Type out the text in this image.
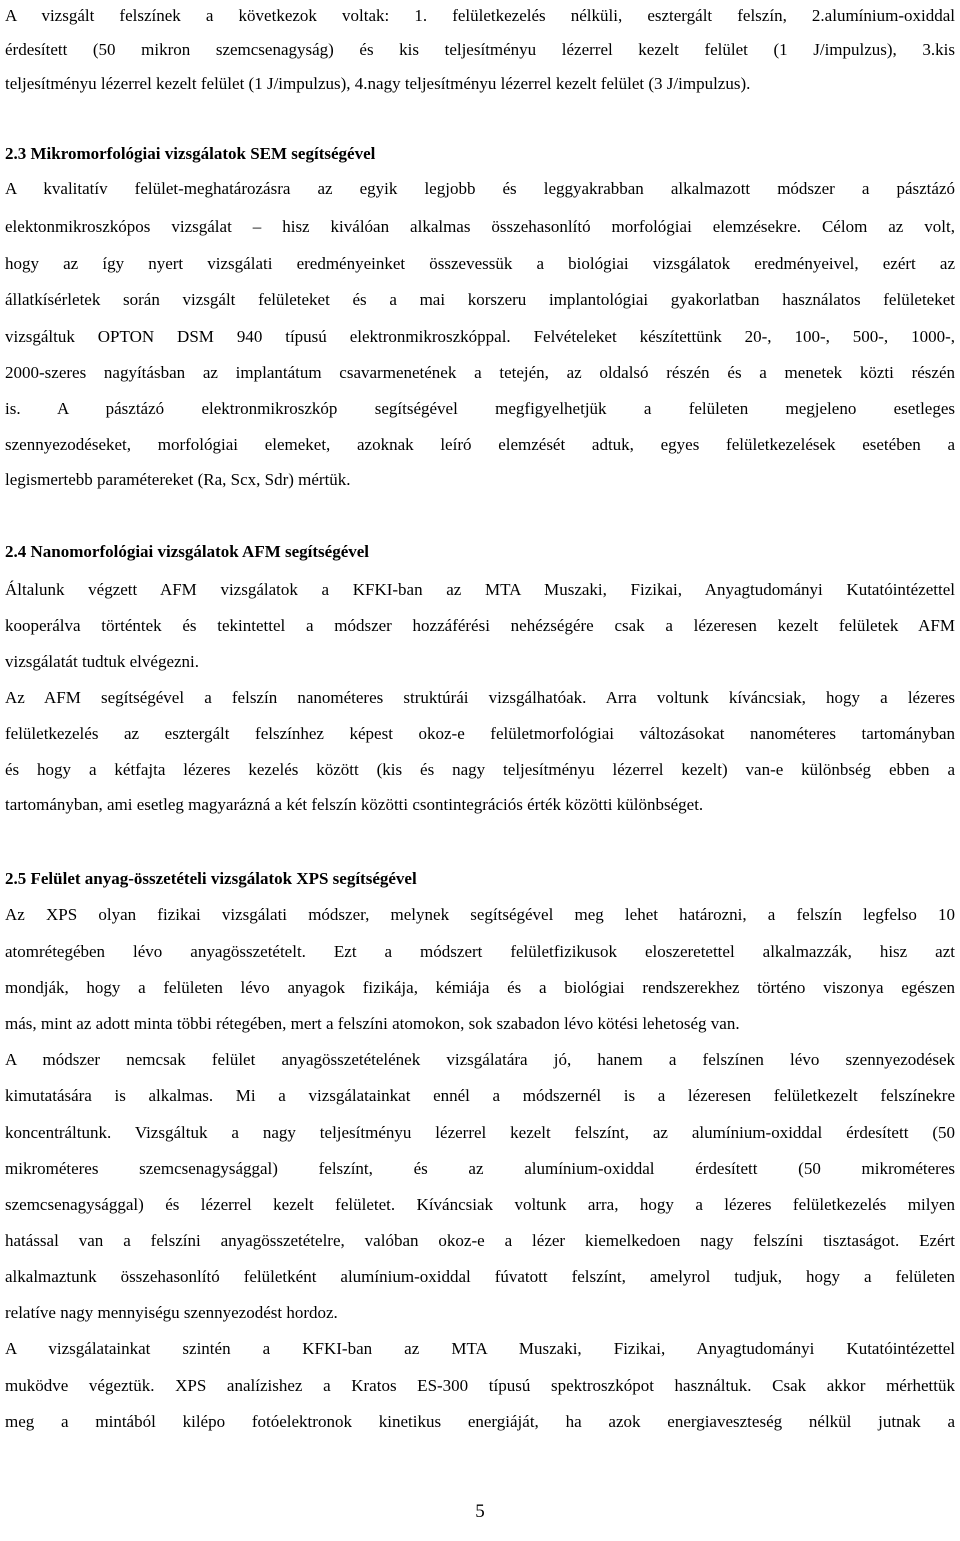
A vizsgált felszínek a következok voltak: 1. felületkezelés nélküli, esztergált felszín, 2.alumínium-oxiddal
érdesített (50 mikron szemcsenagyság) és kis teljesítményu lézerrel kezelt felület (1 J/impulzus), 3.kis
teljesítményu lézerrel kezelt felület (1 J/impulzus), 4.nagy teljesítményu lézerrel kezelt felület (3 J/impulzus).
2.3 Mikromorfológiai vizsgálatok SEM segítségével
A kvalitatív felület-meghatározásra az egyik legjobb és leggyakrabban alkalmazott módszer a pásztázó
elektonmikroszkópos vizsgálat – hisz kiválóan alkalmas összehasonlító morfológiai elemzésekre. Célom az volt,
hogy az így nyert vizsgálati eredményeinket összevessük a biológiai vizsgálatok eredményeivel, ezért az
állatkísérletek során vizsgált felületeket és a mai korszeru implantológiai gyakorlatban használatos felületeket
vizsgáltuk OPTON DSM 940 típusú elektronmikroszkóppal. Felvételeket készítettünk 20-, 100-, 500-, 1000-,
2000-szeres nagyításban az implantátum csavarmenetének a tetején, az oldalsó részén és a menetek közti részén
is. A pásztázó elektronmikroszkóp segítségével megfigyelhetjük a felületen megjeleno esetleges
szennyezodéseket, morfológiai elemeket, azoknak leíró elemzését adtuk, egyes felületkezelések esetében a
legismertebb paramétereket (Ra, Scx, Sdr) mértük.
2.4 Nanomorfológiai vizsgálatok AFM segítségével
Általunk végzett AFM vizsgálatok a KFKI-ban az MTA Muszaki, Fizikai, Anyagtudományi Kutatóintézettel
kooperálva történtek és tekintettel a módszer hozzáférési nehézségére csak a lézeresen kezelt felületek AFM
vizsgálatát tudtuk elvégezni.
Az AFM segítségével a felszín nanométeres struktúrái vizsgálhatóak. Arra voltunk kíváncsiak, hogy a lézeres
felületkezelés az esztergált felszínhez képest okoz-e felületmorfológiai változásokat nanométeres tartományban
és hogy a kétfajta lézeres kezelés között (kis és nagy teljesítményu lézerrel kezelt) van-e különbség ebben a
tartományban, ami esetleg magyarázná a két felszín közötti csontintegrációs érték közötti különbséget.
2.5 Felület anyag-összetételi vizsgálatok XPS segítségével
Az XPS olyan fizikai vizsgálati módszer, melynek segítségével meg lehet határozni, a felszín legfelso 10
atomrétegében lévo anyagösszetételt. Ezt a módszert felületfizikusok eloszeretettel alkalmazzák, hisz azt
mondják, hogy a felületen lévo anyagok fizikája, kémiája és a biológiai rendszerekhez történo viszonya egészen
más, mint az adott minta többi rétegében, mert a felszíni atomokon, sok szabadon lévo kötési lehetoség van.
A módszer nemcsak felület anyagösszetételének vizsgálatára jó, hanem a felszínen lévo szennyezodések
kimutatására is alkalmas. Mi a vizsgálatainkat ennél a módszernél is a lézeresen felületkezelt felszínekre
koncentráltunk. Vizsgáltuk a nagy teljesítményu lézerrel kezelt felszínt, az alumínium-oxiddal érdesített (50
mikrométeres szemcsenagysággal) felszínt, és az alumínium-oxiddal érdesített (50 mikrométeres
szemcsenagysággal) és lézerrel kezelt felületet. Kíváncsiak voltunk arra, hogy a lézeres felületkezelés milyen
hatással van a felszíni anyagösszetételre, valóban okoz-e a lézer kiemelkedoen nagy felszíni tisztaságot. Ezért
alkalmaztunk összehasonlító felületként alumínium-oxiddal fúvatott felszínt, amelyrol tudjuk, hogy a felületen
relatíve nagy mennyiségu szennyezodést hordoz.
A vizsgálatainkat szintén a KFKI-ban az MTA Muszaki, Fizikai, Anyagtudományi Kutatóintézettel
muködve végeztük. XPS analízishez a Kratos ES-300 típusú spektroszkópot használtuk. Csak akkor mérhettük
meg a mintából kilépo fotóelektronok kinetikus energiáját, ha azok energiaveszteség nélkül jutnak a
5
